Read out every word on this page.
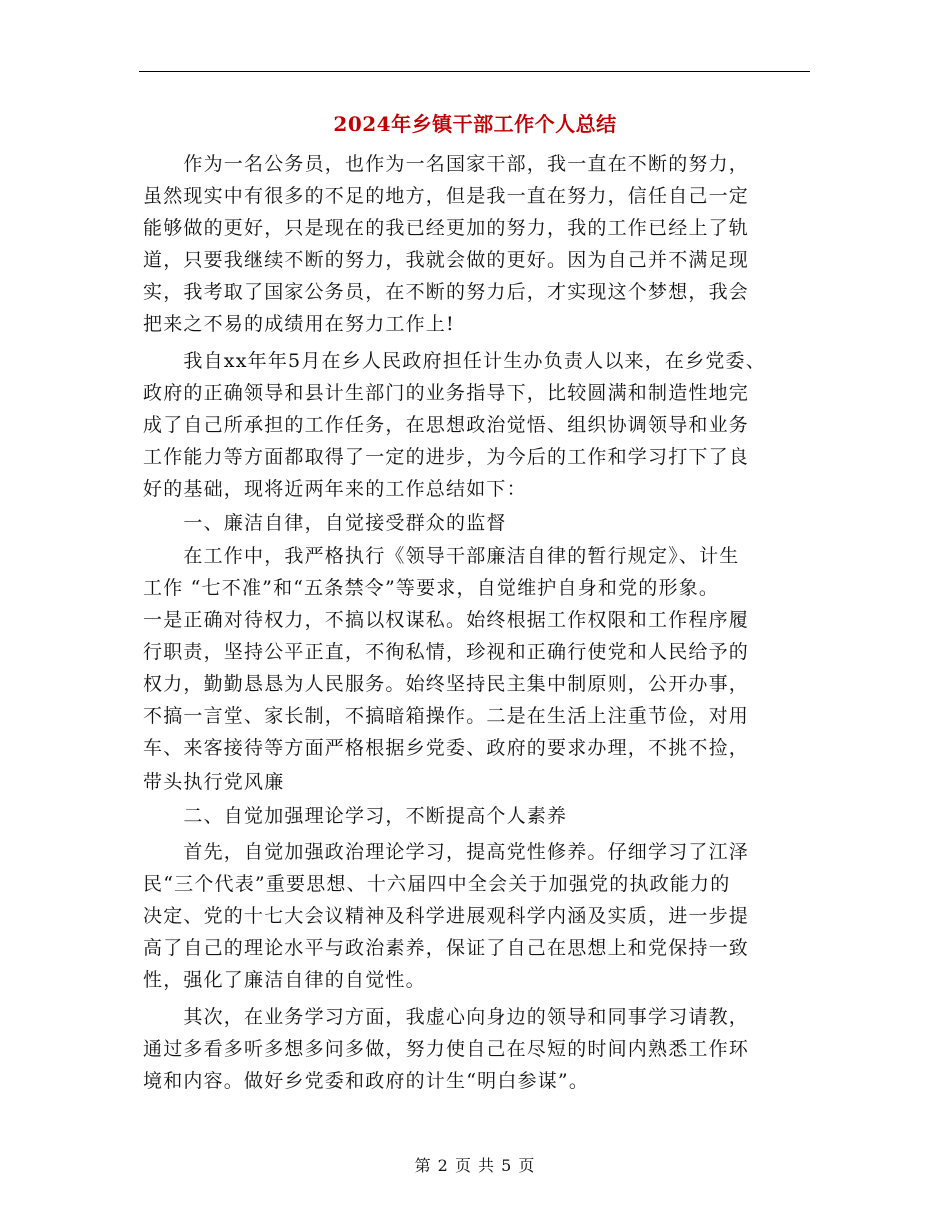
2024年乡镇干部工作个人总结
　　作为一名公务员，也作为一名国家干部，我一直在不断的努力，
虽然现实中有很多的不足的地方，但是我一直在努力，信任自己一定
能够做的更好，只是现在的我已经更加的努力，我的工作已经上了轨
道，只要我继续不断的努力，我就会做的更好。因为自己并不满足现
实，我考取了国家公务员，在不断的努力后，才实现这个梦想，我会
把来之不易的成绩用在努力工作上!
　　我自xx年年5月在乡人民政府担任计生办负责人以来，在乡党委、
政府的正确领导和县计生部门的业务指导下，比较圆满和制造性地完
成了自己所承担的工作任务，在思想政治觉悟、组织协调领导和业务
工作能力等方面都取得了一定的进步，为今后的工作和学习打下了良
好的基础，现将近两年来的工作总结如下：
　　一、廉洁自律，自觉接受群众的监督
　　在工作中，我严格执行《领导干部廉洁自律的暂行规定》、计生
工作 “七不准”和“五条禁令”等要求，自觉维护自身和党的形象。
一是正确对待权力，不搞以权谋私。始终根据工作权限和工作程序履
行职责，坚持公平正直，不徇私情，珍视和正确行使党和人民给予的
权力，勤勤恳恳为人民服务。始终坚持民主集中制原则，公开办事，
不搞一言堂、家长制，不搞暗箱操作。二是在生活上注重节俭，对用
车、来客接待等方面严格根据乡党委、政府的要求办理，不挑不捡，
带头执行党风廉
　　二、自觉加强理论学习，不断提高个人素养
　　首先，自觉加强政治理论学习，提高党性修养。仔细学习了江泽
民“三个代表”重要思想、十六届四中全会关于加强党的执政能力的
决定、党的十七大会议精神及科学进展观科学内涵及实质，进一步提
高了自己的理论水平与政治素养，保证了自己在思想上和党保持一致
性，强化了廉洁自律的自觉性。
　　其次，在业务学习方面，我虚心向身边的领导和同事学习请教，
通过多看多听多想多问多做，努力使自己在尽短的时间内熟悉工作环
境和内容。做好乡党委和政府的计生“明白参谋”。
第 2 页 共 5 页
